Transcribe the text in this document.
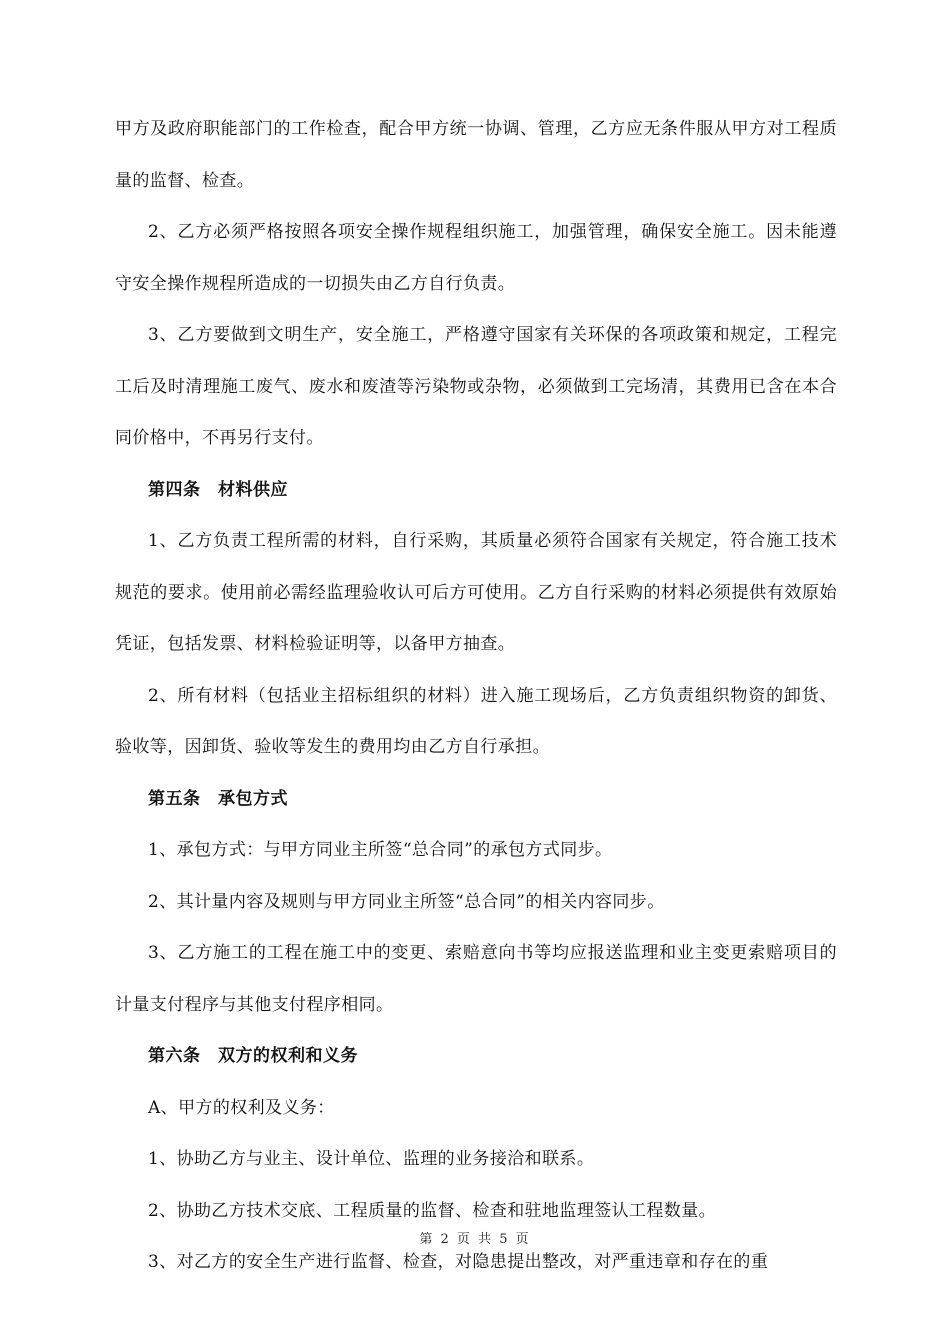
甲方及政府职能部门的工作检查，配合甲方统一协调、管理，乙方应无条件服从甲方对工程质量的监督、检查。

2、乙方必须严格按照各项安全操作规程组织施工，加强管理，确保安全施工。因未能遵守安全操作规程所造成的一切损失由乙方自行负责。

3、乙方要做到文明生产，安全施工，严格遵守国家有关环保的各项政策和规定，工程完工后及时清理施工废气、废水和废渣等污染物或杂物，必须做到工完场清，其费用已含在本合同价格中，不再另行支付。

第四条　材料供应

1、乙方负责工程所需的材料，自行采购，其质量必须符合国家有关规定，符合施工技术规范的要求。使用前必需经监理验收认可后方可使用。乙方自行采购的材料必须提供有效原始凭证，包括发票、材料检验证明等，以备甲方抽查。

2、所有材料（包括业主招标组织的材料）进入施工现场后，乙方负责组织物资的卸货、验收等，因卸货、验收等发生的费用均由乙方自行承担。

第五条　承包方式

1、承包方式：与甲方同业主所签“总合同”的承包方式同步。

2、其计量内容及规则与甲方同业主所签“总合同”的相关内容同步。

3、乙方施工的工程在施工中的变更、索赔意向书等均应报送监理和业主变更索赔项目的计量支付程序与其他支付程序相同。

第六条　双方的权利和义务

A、甲方的权利及义务：

1、协助乙方与业主、设计单位、监理的业务接洽和联系。

2、协助乙方技术交底、工程质量的监督、检查和驻地监理签认工程数量。

3、对乙方的安全生产进行监督、检查，对隐患提出整改，对严重违章和存在的重

第 2 页 共 5 页
